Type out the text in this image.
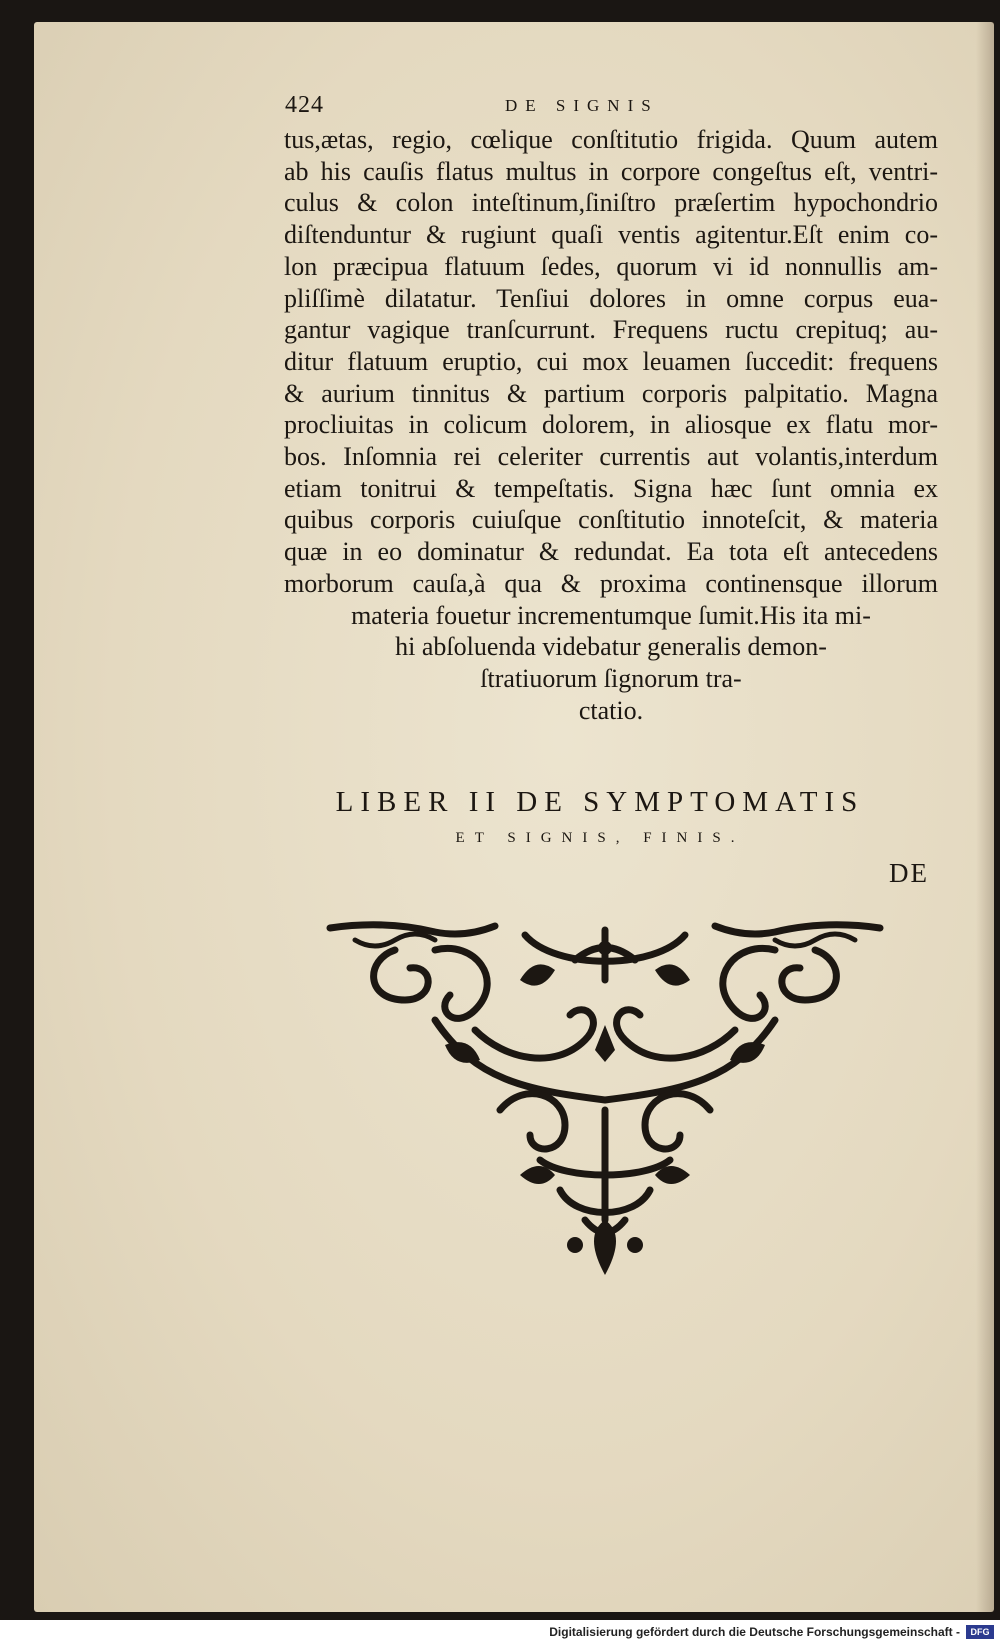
424	DE SIGNIS
tus,ætas, regio, cœlique conſtitutio frigida. Quum autem
ab his cauſis flatus multus in corpore congeſtus eſt, ventri-
culus & colon inteſtinum,ſiniſtro præſertim hypochondrio
diſtenduntur & rugiunt quaſi ventis agitentur.Eſt enim co-
lon præcipua flatuum ſedes, quorum vi id nonnullis am-
pliſſimè dilatatur. Tenſiui dolores in omne corpus eua-
gantur vagique tranſcurrunt. Frequens ructu crepituq; au-
ditur flatuum eruptio, cui mox leuamen ſuccedit: frequens
& aurium tinnitus & partium corporis palpitatio. Magna
procliuitas in colicum dolorem, in aliosque ex flatu mor-
bos. Inſomnia rei celeriter currentis aut volantis,interdum
etiam tonitrui & tempeſtatis. Signa hæc ſunt omnia ex
quibus corporis cuiuſque conſtitutio innoteſcit, & materia
quæ in eo dominatur & redundat. Ea tota eſt antecedens
morborum cauſa,à qua & proxima continensque illorum
materia fouetur incrementumque ſumit.His ita mi-
hi abſoluenda videbatur generalis demon-
ſtratiuorum ſignorum tra-
ctatio.
LIBER II DE SYMPTOMATIS
ET SIGNIS, FINIS.
DE
Digitalisierung gefördert durch die Deutsche Forschungsgemeinschaft -	DFG
